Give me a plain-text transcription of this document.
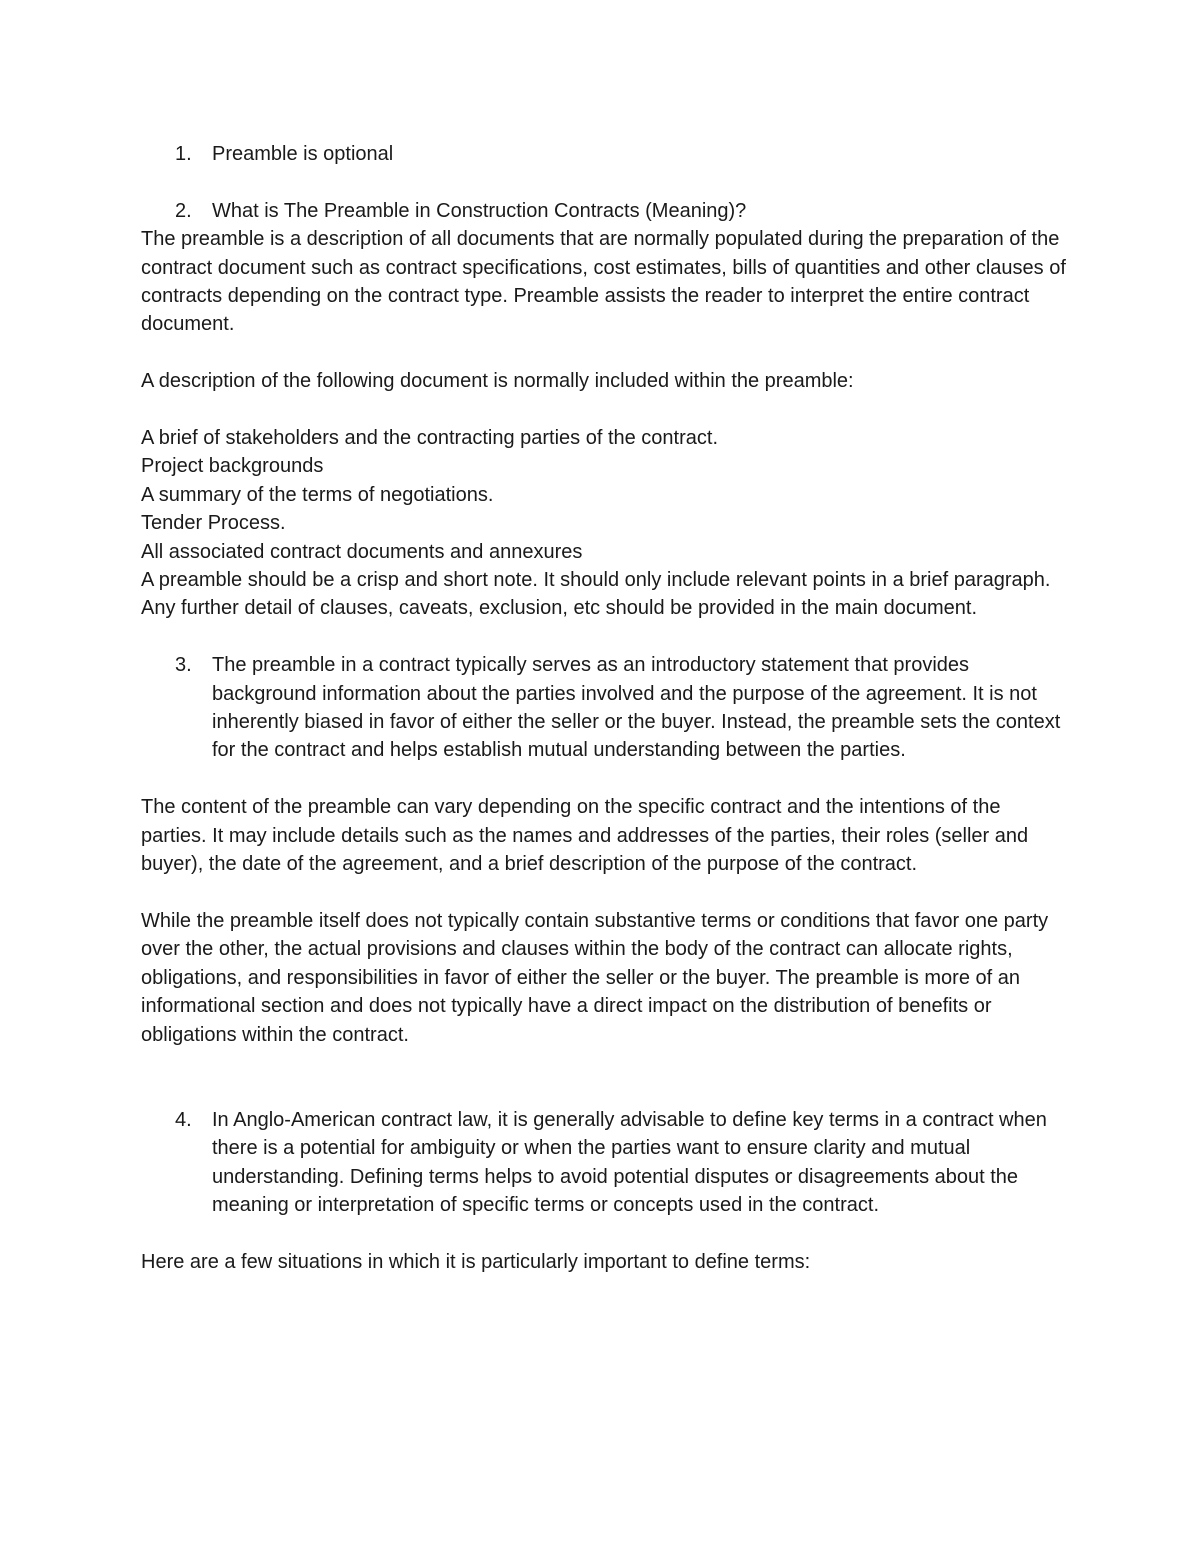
1. Preamble is optional

2. What is The Preamble in Construction Contracts (Meaning)?

The preamble is a description of all documents that are normally populated during the preparation of the contract document such as contract specifications, cost estimates, bills of quantities and other clauses of contracts depending on the contract type. Preamble assists the reader to interpret the entire contract document.

A description of the following document is normally included within the preamble:

A brief of stakeholders and the contracting parties of the contract.

Project backgrounds

A summary of the terms of negotiations.

Tender Process.

All associated contract documents and annexures

A preamble should be a crisp and short note. It should only include relevant points in a brief paragraph. Any further detail of clauses, caveats, exclusion, etc should be provided in the main document.

3. The preamble in a contract typically serves as an introductory statement that provides background information about the parties involved and the purpose of the agreement. It is not inherently biased in favor of either the seller or the buyer. Instead, the preamble sets the context for the contract and helps establish mutual understanding between the parties.

The content of the preamble can vary depending on the specific contract and the intentions of the parties. It may include details such as the names and addresses of the parties, their roles (seller and buyer), the date of the agreement, and a brief description of the purpose of the contract.

While the preamble itself does not typically contain substantive terms or conditions that favor one party over the other, the actual provisions and clauses within the body of the contract can allocate rights, obligations, and responsibilities in favor of either the seller or the buyer. The preamble is more of an informational section and does not typically have a direct impact on the distribution of benefits or obligations within the contract.

4. In Anglo-American contract law, it is generally advisable to define key terms in a contract when there is a potential for ambiguity or when the parties want to ensure clarity and mutual understanding. Defining terms helps to avoid potential disputes or disagreements about the meaning or interpretation of specific terms or concepts used in the contract.

Here are a few situations in which it is particularly important to define terms:
